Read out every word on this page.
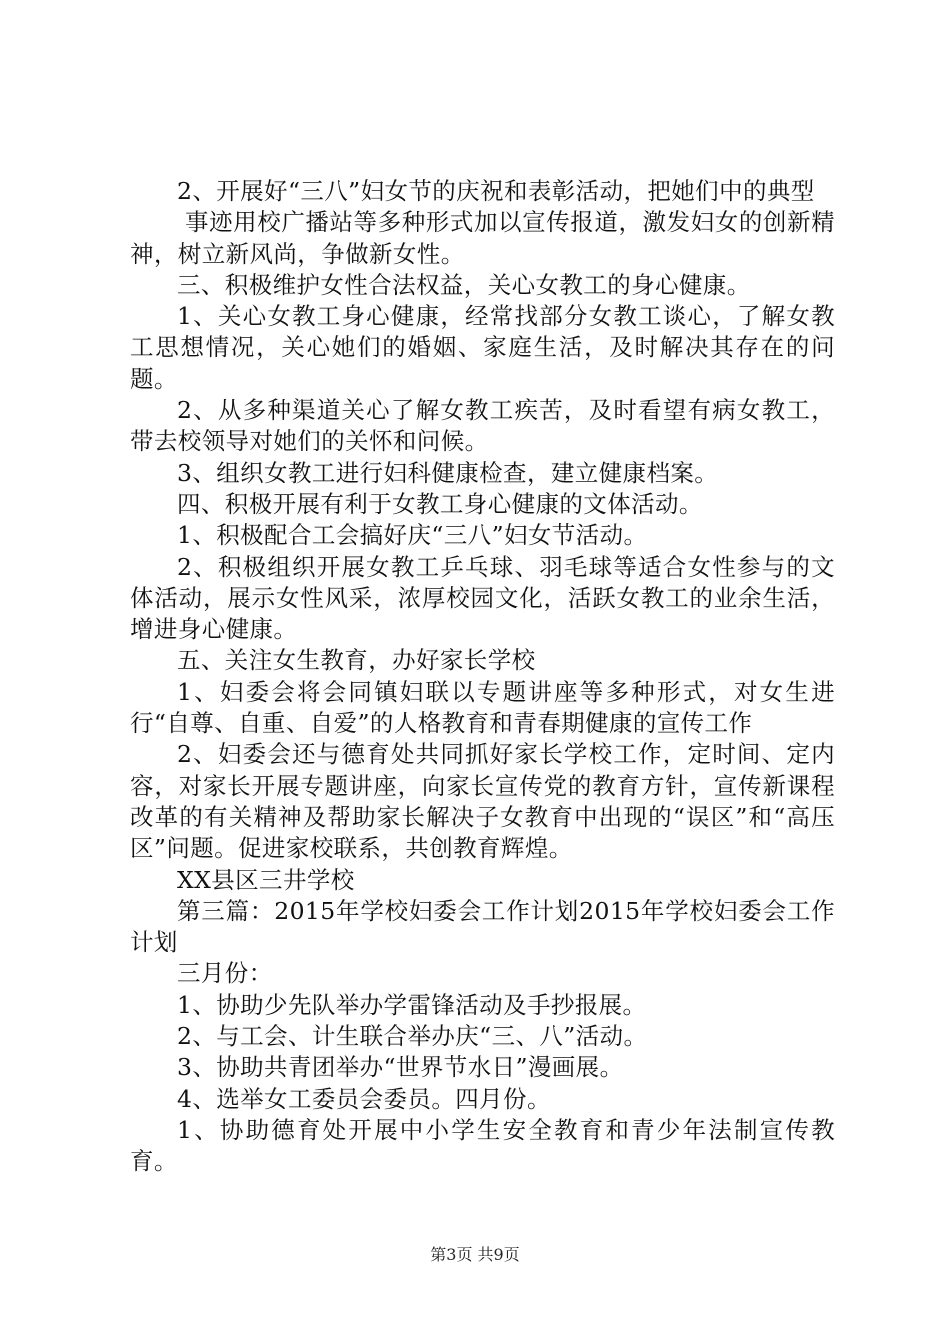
2、开展好“三八”妇女节的庆祝和表彰活动，把她们中的典型

事迹用校广播站等多种形式加以宣传报道，激发妇女的创新精神，树立新风尚，争做新女性。

三、积极维护女性合法权益，关心女教工的身心健康。

1、关心女教工身心健康，经常找部分女教工谈心，了解女教工思想情况，关心她们的婚姻、家庭生活，及时解决其存在的问题。

2、从多种渠道关心了解女教工疾苦，及时看望有病女教工，带去校领导对她们的关怀和问候。

3、组织女教工进行妇科健康检查，建立健康档案。

四、积极开展有利于女教工身心健康的文体活动。

1、积极配合工会搞好庆“三八”妇女节活动。

2、积极组织开展女教工乒乓球、羽毛球等适合女性参与的文体活动，展示女性风采，浓厚校园文化，活跃女教工的业余生活，增进身心健康。

五、关注女生教育，办好家长学校

1、妇委会将会同镇妇联以专题讲座等多种形式，对女生进行“自尊、自重、自爱”的人格教育和青春期健康的宣传工作

2、妇委会还与德育处共同抓好家长学校工作，定时间、定内容，对家长开展专题讲座，向家长宣传党的教育方针，宣传新课程改革的有关精神及帮助家长解决子女教育中出现的“误区”和“高压区”问题。促进家校联系，共创教育辉煌。

XX县区三井学校

第三篇：2015年学校妇委会工作计划2015年学校妇委会工作计划

三月份：

1、协助少先队举办学雷锋活动及手抄报展。

2、与工会、计生联合举办庆“三、八”活动。

3、协助共青团举办“世界节水日”漫画展。

4、选举女工委员会委员。四月份。

1、协助德育处开展中小学生安全教育和青少年法制宣传教育。

第3页 共9页
